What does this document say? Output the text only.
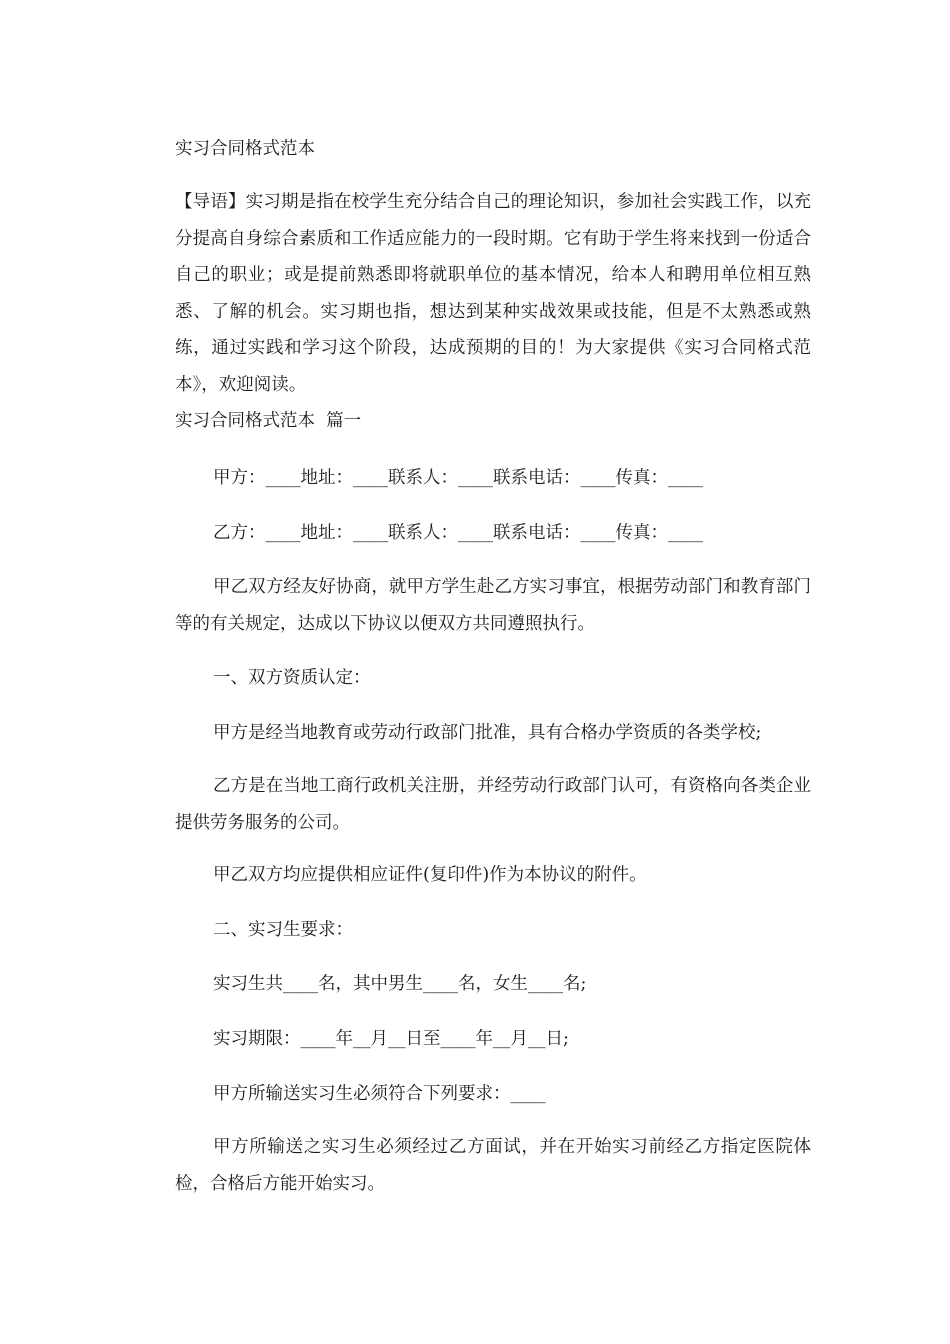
实习合同格式范本

【导语】实习期是指在校学生充分结合自己的理论知识，参加社会实践工作，以充分提高自身综合素质和工作适应能力的一段时期。它有助于学生将来找到一份适合自己的职业；或是提前熟悉即将就职单位的基本情况，给本人和聘用单位相互熟悉、了解的机会。实习期也指，想达到某种实战效果或技能，但是不太熟悉或熟练，通过实践和学习这个阶段，达成预期的目的！为大家提供《实习合同格式范本》，欢迎阅读。

实习合同格式范本  篇一
甲方：____地址：____联系人：____联系电话：____传真：____
乙方：____地址：____联系人：____联系电话：____传真：____

甲乙双方经友好协商，就甲方学生赴乙方实习事宜，根据劳动部门和教育部门等的有关规定，达成以下协议以便双方共同遵照执行。

一、双方资质认定：
甲方是经当地教育或劳动行政部门批准，具有合格办学资质的各类学校;

乙方是在当地工商行政机关注册，并经劳动行政部门认可，有资格向各类企业提供劳务服务的公司。

甲乙双方均应提供相应证件(复印件)作为本协议的附件。
二、实习生要求：
实习生共____名，其中男生____名，女生____名;
实习期限：____年__月__日至____年__月__日;
甲方所输送实习生必须符合下列要求：____

甲方所输送之实习生必须经过乙方面试，并在开始实习前经乙方指定医院体检，合格后方能开始实习。
